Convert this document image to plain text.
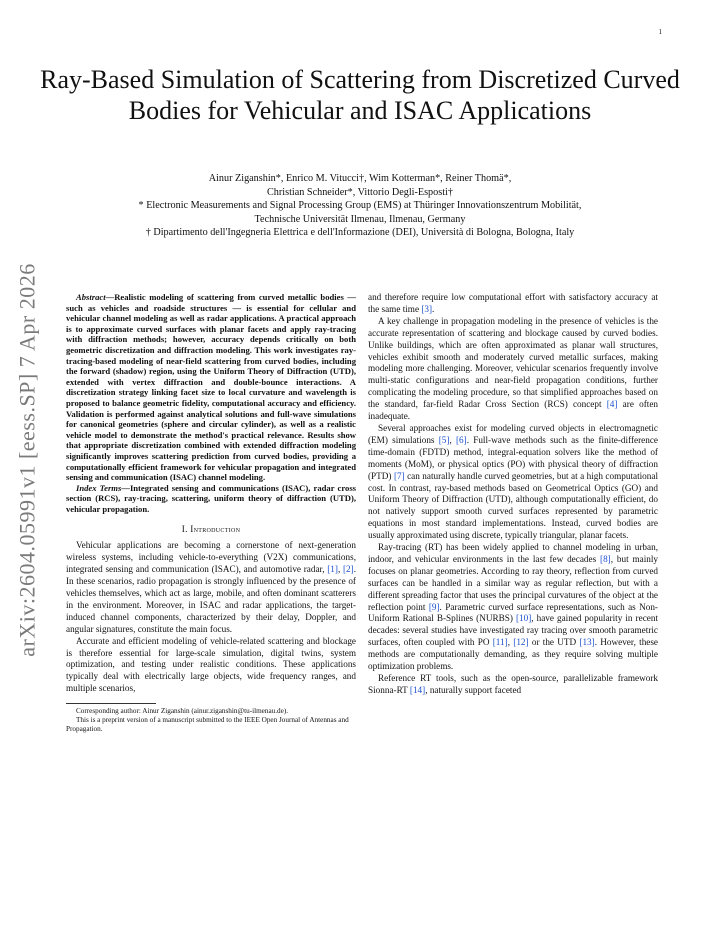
1
arXiv:2604.05991v1 [eess.SP] 7 Apr 2026
Ray-Based Simulation of Scattering from Discretized Curved Bodies for Vehicular and ISAC Applications
Ainur Ziganshin*, Enrico M. Vitucci†, Wim Kotterman*, Reiner Thomä*,
Christian Schneider*, Vittorio Degli-Esposti†
* Electronic Measurements and Signal Processing Group (EMS) at Thüringer Innovationszentrum Mobilität,
Technische Universität Ilmenau, Ilmenau, Germany
† Dipartimento dell'Ingegneria Elettrica e dell'Informazione (DEI), Università di Bologna, Bologna, Italy

Abstract—Realistic modeling of scattering from curved metallic bodies — such as vehicles and roadside structures — is essential for cellular and vehicular channel modeling as well as radar applications. A practical approach is to approximate curved surfaces with planar facets and apply ray-tracing with diffraction methods; however, accuracy depends critically on both geometric discretization and diffraction modeling. This work investigates ray-tracing-based modeling of near-field scattering from curved bodies, including the forward (shadow) region, using the Uniform Theory of Diffraction (UTD), extended with vertex diffraction and double-bounce interactions. A discretization strategy linking facet size to local curvature and wavelength is proposed to balance geometric fidelity, computational accuracy and efficiency. Validation is performed against analytical solutions and full-wave simulations for canonical geometries (sphere and circular cylinder), as well as a realistic vehicle model to demonstrate the method's practical relevance. Results show that appropriate discretization combined with extended diffraction modeling significantly improves scattering prediction from curved bodies, providing a computationally efficient framework for vehicular propagation and integrated sensing and communication (ISAC) channel modeling.

Index Terms—Integrated sensing and communications (ISAC), radar cross section (RCS), ray-tracing, scattering, uniform theory of diffraction (UTD), vehicular propagation.

I. Introduction

Vehicular applications are becoming a cornerstone of next-generation wireless systems, including vehicle-to-everything (V2X) communications, integrated sensing and communication (ISAC), and automotive radar, [1], [2]. In these scenarios, radio propagation is strongly influenced by the presence of vehicles themselves, which act as large, mobile, and often dominant scatterers in the environment. Moreover, in ISAC and radar applications, the target-induced channel components, characterized by their delay, Doppler, and angular signatures, constitute the main focus.

Accurate and efficient modeling of vehicle-related scattering and blockage is therefore essential for large-scale simulation, digital twins, system optimization, and testing under realistic conditions. These applications typically deal with electrically large objects, wide frequency ranges, and multiple scenarios,

Corresponding author: Ainur Ziganshin (ainur.ziganshin@tu-ilmenau.de).

This is a preprint version of a manuscript submitted to the IEEE Open Journal of Antennas and Propagation.

and therefore require low computational effort with satisfactory accuracy at the same time [3].

A key challenge in propagation modeling in the presence of vehicles is the accurate representation of scattering and blockage caused by curved bodies. Unlike buildings, which are often approximated as planar wall structures, vehicles exhibit smooth and moderately curved metallic surfaces, making modeling more challenging. Moreover, vehicular scenarios frequently involve multi-static configurations and near-field propagation conditions, further complicating the modeling procedure, so that simplified approaches based on the standard, far-field Radar Cross Section (RCS) concept [4] are often inadequate.

Several approaches exist for modeling curved objects in electromagnetic (EM) simulations [5], [6]. Full-wave methods such as the finite-difference time-domain (FDTD) method, integral-equation solvers like the method of moments (MoM), or physical optics (PO) with physical theory of diffraction (PTD) [7] can naturally handle curved geometries, but at a high computational cost. In contrast, ray-based methods based on Geometrical Optics (GO) and Uniform Theory of Diffraction (UTD), although computationally efficient, do not natively support smooth curved surfaces represented by parametric equations in most standard implementations. Instead, curved bodies are usually approximated using discrete, typically triangular, planar facets.

Ray-tracing (RT) has been widely applied to channel modeling in urban, indoor, and vehicular environments in the last few decades [8], but mainly focuses on planar geometries. According to ray theory, reflection from curved surfaces can be handled in a similar way as regular reflection, but with a different spreading factor that uses the principal curvatures of the object at the reflection point [9]. Parametric curved surface representations, such as Non-Uniform Rational B-Splines (NURBS) [10], have gained popularity in recent decades: several studies have investigated ray tracing over smooth parametric surfaces, often coupled with PO [11], [12] or the UTD [13]. However, these methods are computationally demanding, as they require solving multiple optimization problems.

Reference RT tools, such as the open-source, parallelizable framework Sionna-RT [14], naturally support faceted
